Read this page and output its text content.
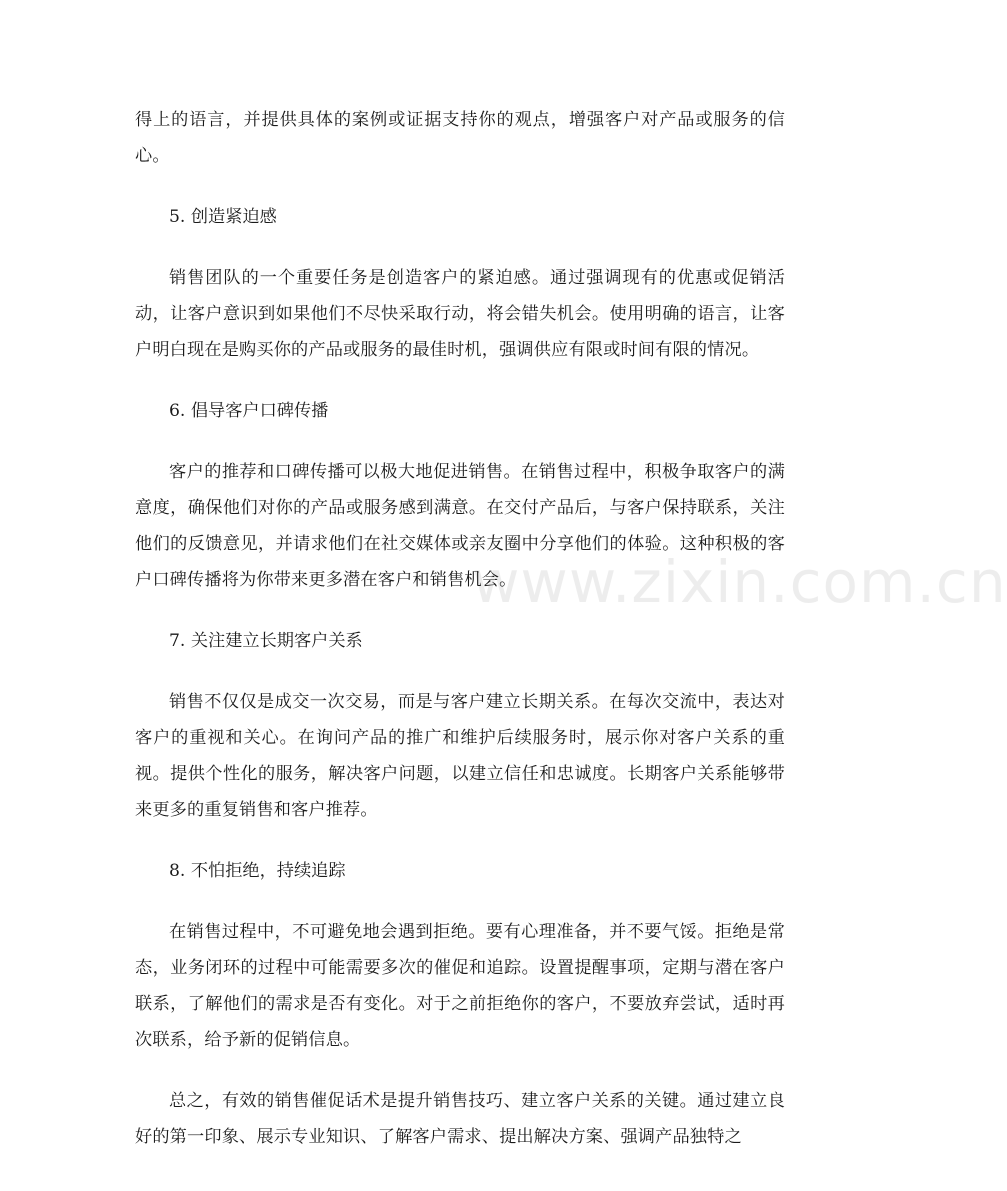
得上的语言，并提供具体的案例或证据支持你的观点，增强客户对产品或服务的信心。

5. 创造紧迫感

销售团队的一个重要任务是创造客户的紧迫感。通过强调现有的优惠或促销活动，让客户意识到如果他们不尽快采取行动，将会错失机会。使用明确的语言，让客户明白现在是购买你的产品或服务的最佳时机，强调供应有限或时间有限的情况。

6. 倡导客户口碑传播

客户的推荐和口碑传播可以极大地促进销售。在销售过程中，积极争取客户的满意度，确保他们对你的产品或服务感到满意。在交付产品后，与客户保持联系，关注他们的反馈意见，并请求他们在社交媒体或亲友圈中分享他们的体验。这种积极的客户口碑传播将为你带来更多潜在客户和销售机会。

7. 关注建立长期客户关系

销售不仅仅是成交一次交易，而是与客户建立长期关系。在每次交流中，表达对客户的重视和关心。在询问产品的推广和维护后续服务时，展示你对客户关系的重视。提供个性化的服务，解决客户问题，以建立信任和忠诚度。长期客户关系能够带来更多的重复销售和客户推荐。

8. 不怕拒绝，持续追踪

在销售过程中，不可避免地会遇到拒绝。要有心理准备，并不要气馁。拒绝是常态，业务闭环的过程中可能需要多次的催促和追踪。设置提醒事项，定期与潜在客户联系，了解他们的需求是否有变化。对于之前拒绝你的客户，不要放弃尝试，适时再次联系，给予新的促销信息。

总之，有效的销售催促话术是提升销售技巧、建立客户关系的关键。通过建立良好的第一印象、展示专业知识、了解客户需求、提出解决方案、强调产品独特之

www.zixin.com.cn
